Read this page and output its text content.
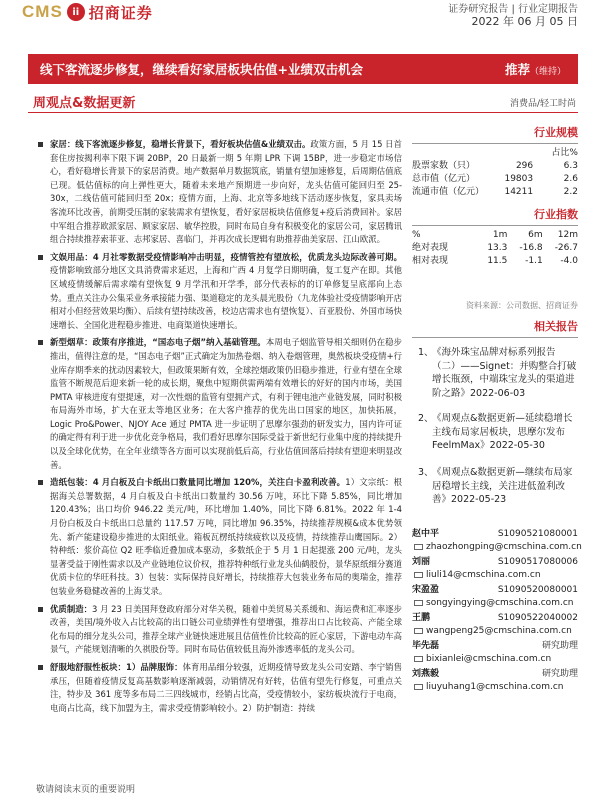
CMS ii 招商证券	证券研究报告 | 行业定期报告
2022 年 06 月 05 日
线下客流逐步修复，继续看好家居板块估值+业绩双击机会	推荐（维持）
周观点&数据更新	消费品/轻工时尚

家居：线下客流逐步修复，稳增长背景下，看好板块估值&业绩双击。政策方面，5 月 15 日首套住房按揭利率下限下调 20BP，20 日最新一期 5 年期 LPR 下调 15BP，进一步稳定市场信心，看好稳增长背景下的家居消费。地产数据单月数据筑底，销量有望加速修复，后周期估值底已现。低估值标的向上弹性更大，随着未来地产预期进一步向好，龙头估值可能回归至 25-30x，二线估值可能回归至 20x；疫情方面，上海、北京等多地线下活动逐步恢复，家具卖场客流环比改善，前期受压制的家装需求有望恢复，看好家居板块估值修复+疫后消费回补。家居中军组合推荐欧派家居、顾家家居、敏华控股，同时布局自身有积极变化的家居公司，家居腾讯组合持续推荐索菲亚、志邦家居、喜临门，并再次成长逻辑有助推荐曲美家居、江山欧派。

文娱用品：4 月社零数据受疫情影响冲击明显，疫情管控有望放松，优质龙头边际改善可期。疫情影响致部分地区文具消费需求延迟，上海和广西 4 月复学日期明确，复工复产在即。其他区域疫情缓解后需求端有望恢复 9 月学汛和开学季，部分代表标的的订单修复呈底部向上态势。重点关注办公集采业务承接能力强、渠道稳定的龙头晨光股份（九龙体验社受疫情影响开店相对小但经营效果均衡）、后续有望持续改善，校边店需求也有望恢复）、百亚股份、外国市场快速增长、全国化进程稳步推进、电商渠道快速增长。

新型烟草：政策有序推进，“国态电子烟”纳入基础管理。本周电子烟监管导相关细则仍在稳步推出，值得注意的是，“国态电子烟”正式确定为加热卷烟、纳入卷烟管理，奥然板块受疫情+行业库存期季来的扰动因素较大，但政策果断有效，全球控烟政策仍旧稳步推进，行业有望在全球监管不断规范后迎来新一轮的成长期，聚焦中短期供需两端有效增长的好好的国内市场，美国 PMTA 审核进度有望提速，对一次性烟的监管有望拥产式，有利于锂电池产业链发展，同时积极布局海外市场，扩大在亚太等地区业务；在大客户推荐的优先出口国家的地区，加快拓展，Logic Pro&Power、NJOY Ace 通过 PMTA 进一步证明了思摩尔强劲的研发实力，国内许可证的确定得有利于进一步优化竞争格局，我们看好思摩尔国际受益于新世纪行业集中度的持续提升以及全球化优势，在全年业绩等各方面可以实现前低后高，行业估值回落后持续有望迎来明显改善。

造纸包装：4 月白板及白卡纸出口数量同比增加 120%，关注白卡盈利改善。1）文宗纸：根据海关总署数据，4 月白板及白卡纸出口数量约 30.56 万吨，环比下降 5.85%，同比增加 120.43%；出口均价 946.22 美元/吨，环比增加 1.40%，同比下降 6.81%。2022 年 1-4 月份白板及白卡纸出口总量约 117.57 万吨，同比增加 96.35%，持续推荐规模&成本优势领先、新产能建设稳步推进的太阳纸业。箱板瓦楞纸持续疲软以及疫情，持续推荐山鹰国际。2）特种纸：浆价高位 Q2 旺季临近叠加成本驱动，多数纸企于 5 月 1 日起提涨 200 元/吨，龙头显著受益于刚性需求以及产业链地位议价权，推荐特种纸行业龙头仙鹤股份，景华原纸细分赛道优质卡位的华旺科技。3）包装：实际保持良好增长，持续推荐大包装业务布局的奥瑞金，推荐包装业务稳健改善的上海艾录。

优质制造：3 月 23 日美国拜登政府部分对华关税，随着中美贸易关系缓和、海运费和汇率逐步改善，美国/境外收入占比较高的出口链公司业绩弹性有望增强，推荐出口占比较高、产能全球化布局的细分龙头公司，推荐全球产业链快速进展且估值性价比较高的匠心家居，下游电动车高景气，产能规划清晰的久祺股份等。同时布局估值较低且海外渗透率低的龙头公司。

舒服地舒服性板块：1）品牌服饰：体育用品细分较强，近期疫情导致龙头公司安踏、李宁销售承压，但随着疫情反复高基数影响逐渐减弱，动销情况有好转，估值有望先行修复，可重点关注，特步及 361 度等多布局二三四线城市，经销占比高，受疫情较小，家纺板块流行于电商，电商占比高，线下加盟为主，需求受疫情影响较小。2）防护制造：持续

行业规模
占比%
股票家数（只）	296	6.3
总市值（亿元）	19803	2.6
流通市值（亿元）	14211	2.2
行业指数
%	1m	6m	12m
绝对表现	13.3	-16.8	-26.7
相对表现	11.5	-1.1	-4.0
资料来源：公司数据、招商证券
相关报告
1、
《海外珠宝品牌对标系列报告（二）——Signet：并购整合打破增长瓶颈，中端珠宝龙头的渠道进阶之路》2022-06-03
2、
《周观点&数据更新—延续稳增长主线布局家居板块，思摩尔发布 FeelmMax》2022-05-30
3、
《周观点&数据更新—继续布局家居稳增长主线，关注进低盈利改善》2022-05-23
赵中平	S1090521080001
zhaozhongping@cmschina.com.cn
刘丽	S1090517080006
liuli14@cmschina.com.cn
宋盈盈	S1090520080001
songyingying@cmschina.com.cn
王鹏	S1090522040002
wangpeng25@cmschina.com.cn
毕先磊	研究助理
bixianlei@cmschina.com.cn
刘燕毅	研究助理
liuyuhang1@cmschina.com.cn
敬请阅读末页的重要说明
